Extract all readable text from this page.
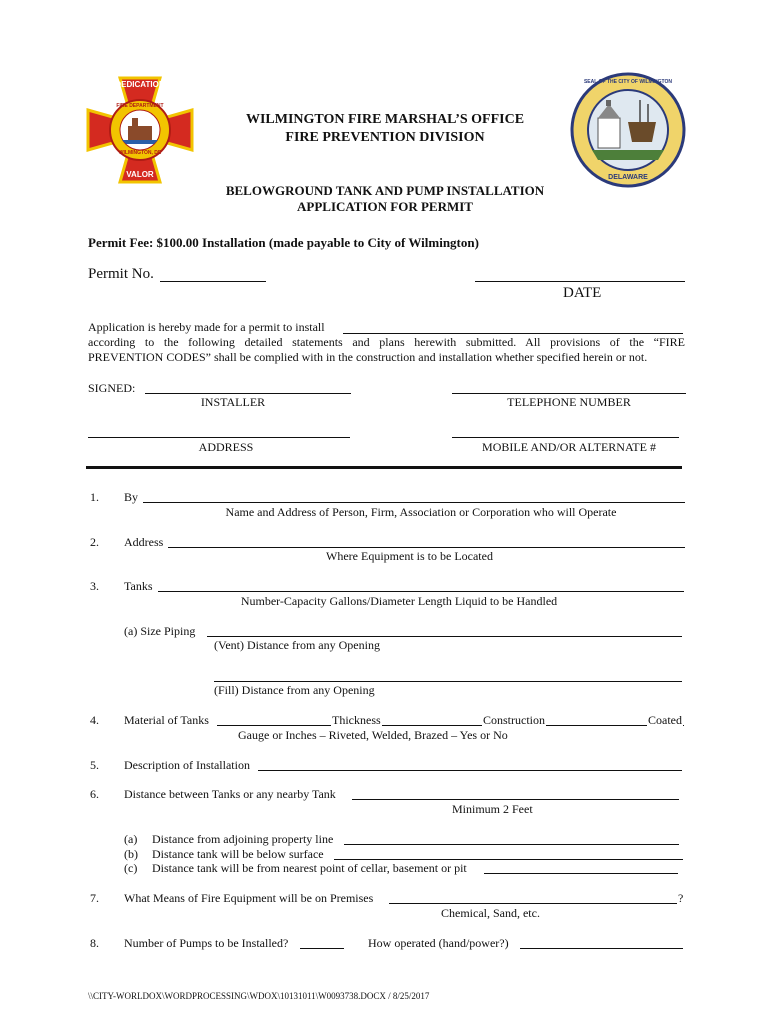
DEDICATION
FIRE DEPARTMENT
WILMINGTON, DE
VALOR
SEAL OF THE CITY OF WILMINGTON
DELAWARE
WILMINGTON FIRE MARSHAL’S OFFICE
FIRE PREVENTION DIVISION
BELOWGROUND TANK AND PUMP INSTALLATION
APPLICATION FOR PERMIT
Permit Fee: $100.00 Installation (made payable to City of Wilmington)
Permit No.
DATE
Application is hereby made for a permit to install
according to the following detailed statements and plans herewith submitted. All provisions of the “FIRE
PREVENTION CODES” shall be complied with in the construction and installation whether specified herein or not.
SIGNED:
INSTALLER	TELEPHONE NUMBER
ADDRESS	MOBILE AND/OR ALTERNATE #
1. By
Name and Address of Person, Firm, Association or Corporation who will Operate
2. Address
Where Equipment is to be Located
3. Tanks
Number-Capacity Gallons/Diameter Length Liquid to be Handled
(a) Size Piping
(Vent) Distance from any Opening
(Fill) Distance from any Opening
4. Material of Tanks	Thickness	Construction	Coated
Gauge or Inches – Riveted, Welded, Brazed – Yes or No
5. Description of Installation
6. Distance between Tanks or any nearby Tank
Minimum 2 Feet
(a) Distance from adjoining property line
(b) Distance tank will be below surface
(c) Distance tank will be from nearest point of cellar, basement or pit
7. What Means of Fire Equipment will be on Premises	?
Chemical, Sand, etc.
8. Number of Pumps to be Installed?	How operated (hand/power?)
\\CITY-WORLDOX\WORDPROCESSING\WDOX\10131011\W0093738.DOCX / 8/25/2017
